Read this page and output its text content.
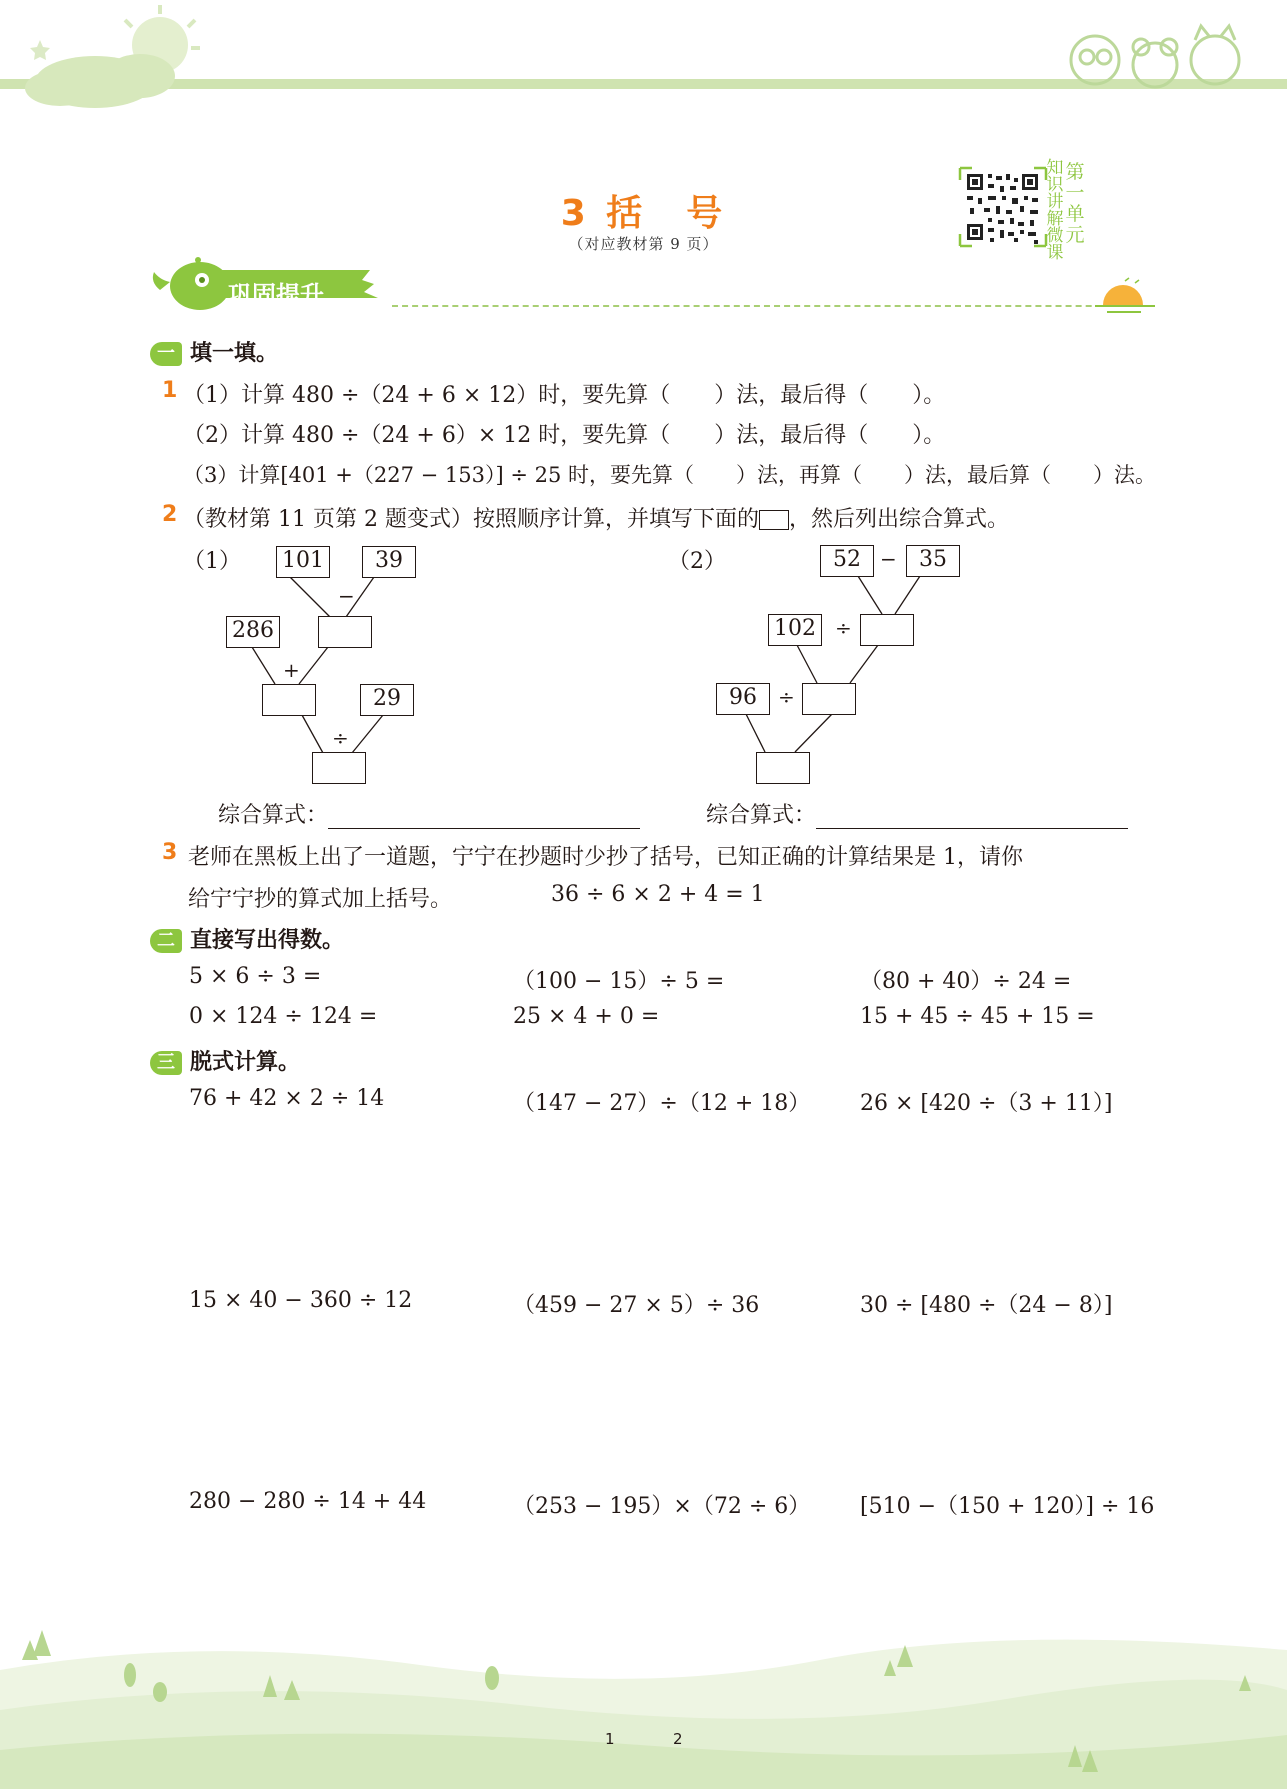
3 括　号
（对应教材第 9 页）
知
识
讲
解
微
课
第
一
单
元
巩固提升
一 填一填。
1 （1）计算 480 ÷（24 + 6 × 12）时，要先算（　　）法，最后得（　　）。
（2）计算 480 ÷（24 + 6）× 12 时，要先算（　　）法，最后得（　　）。
（3）计算[401 +（227 − 153）] ÷ 25 时，要先算（　　）法，再算（　　）法，最后算（　　）法。
2 （教材第 11 页第 2 题变式）按照顺序计算，并填写下面的 ，然后列出综合算式。
（1） 101	39
−
286
+
29
÷
（2）	52 −	35
102 ÷
96	÷
综合算式：	综合算式：
3 老师在黑板上出了一道题，宁宁在抄题时少抄了括号，已知正确的计算结果是 1，请你
给宁宁抄的算式加上括号。	36 ÷ 6 × 2 + 4 = 1
二 直接写出得数。
5 × 6 ÷ 3 =	（100 − 15）÷ 5 =	（80 + 40）÷ 24 =
0 × 124 ÷ 124 =	25 × 4 + 0 =	15 + 45 ÷ 45 + 15 =
三 脱式计算。
76 + 42 × 2 ÷ 14	（147 − 27）÷（12 + 18） 26 × [420 ÷（3 + 11）]
15 × 40 − 360 ÷ 12	（459 − 27 × 5）÷ 36	30 ÷ [480 ÷（24 − 8）]
280 − 280 ÷ 14 + 44	（253 − 195）×（72 ÷ 6） [510 −（150 + 120）] ÷ 16
1	2
